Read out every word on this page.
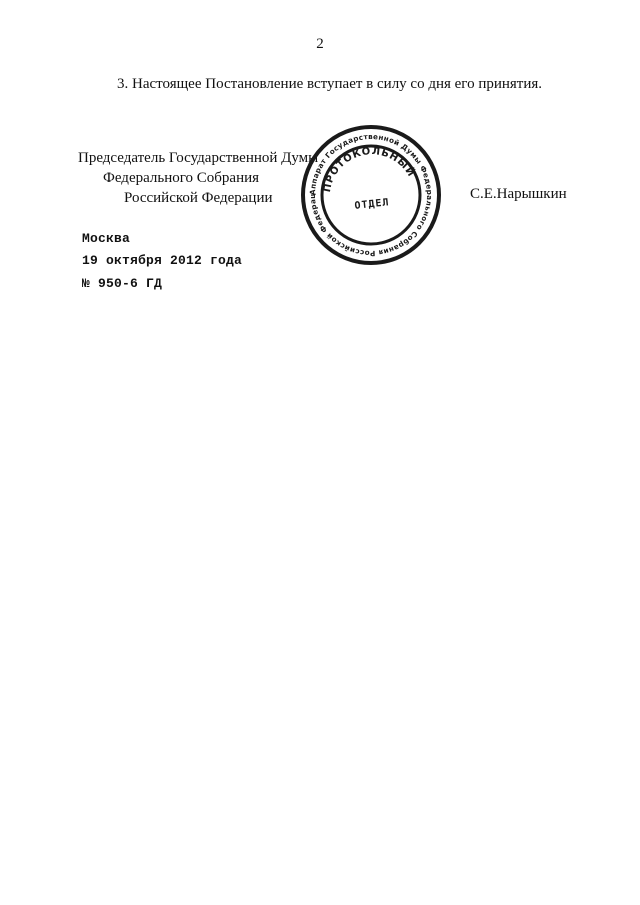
2
3. Настоящее Постановление вступает в силу со дня его принятия.
Председатель Государственной Думы
Федерального Собрания
Российской Федерации	Аппарат Государственной Думы Федерального Собрания Российской Федерац
ПРОТОКОЛЬНЫЙ
ОТДЕЛ
С.Е.Нарышкин
Москва
19 октября 2012 года
№ 950-6 ГД
